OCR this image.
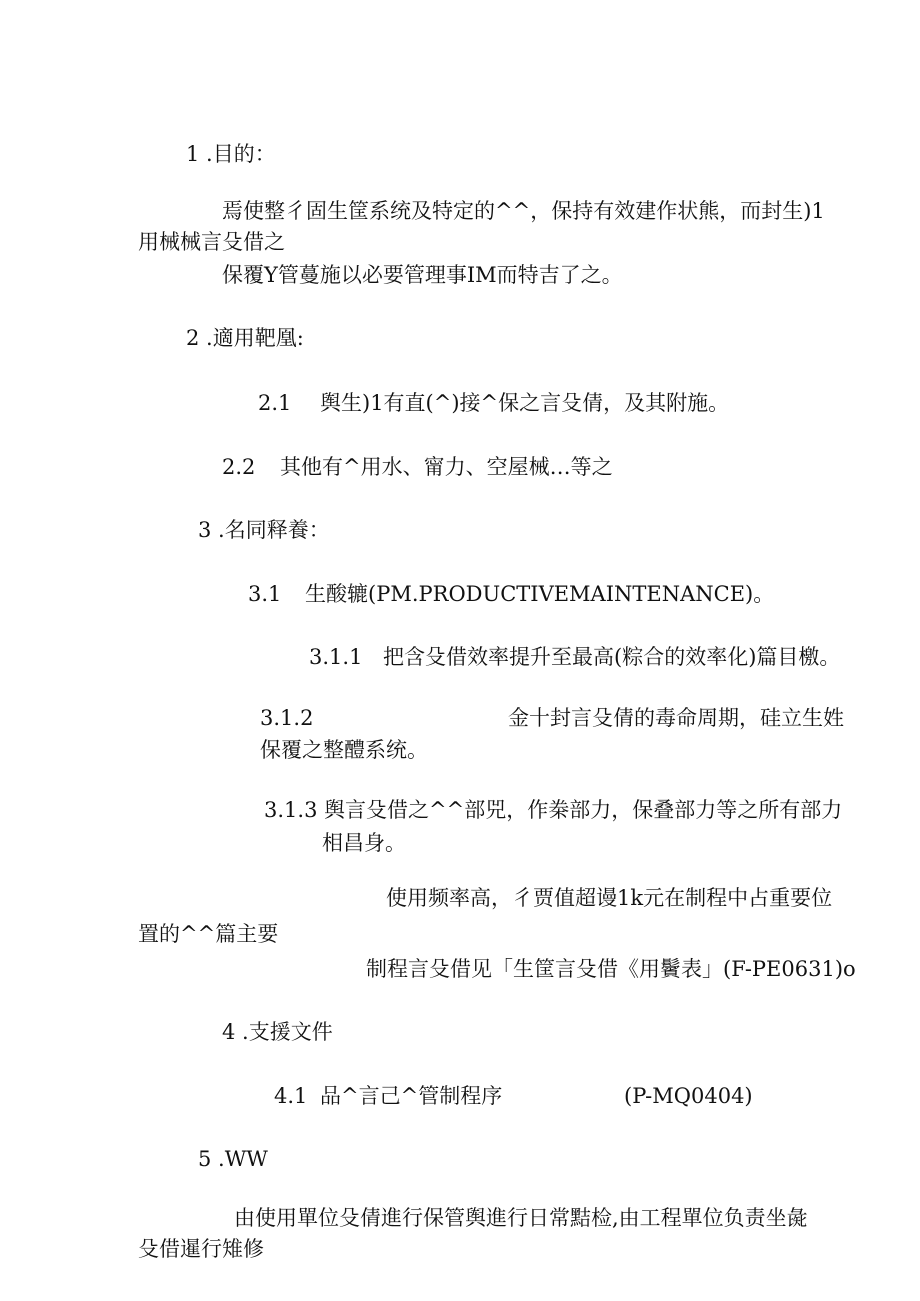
1 .目的：
焉使整彳固生筐系统及特定的^^，保持有效建作状熊，而封生)1
用械械言殳借之
保覆Y管蔓施以必要管理事IM而特吉了之。
2 .適用靶凰:
2.1 舆生)1有直(^)接^保之言殳倩，及其附施。
2.2 其他有^用水、甯力、空屋械…等之
3 .名同释養：
3.1 生酸辘(PM.PRODUCTIVEMAINTENANCE)。
3.1.1 把含殳借效率提升至最高(粽合的效率化)篇目檄。
3.1.2	金十封言殳倩的毒命周期，硅立生姓
保覆之整醴系统。
3.1.3 舆言殳借之^^部兕，作桊部力，保叠部力等之所有部力
相昌身。
使用频率高，彳贾值超谩1k元在制程中占重要位
置的^^篇主要
制程言殳借见「生筐言殳借《用鬢表」(F-PE0631)o
4 .支援文件
4.1 品^言己^管制程序	(P-MQ0404)
5 .WW
由使用單位殳倩進行保管舆進行日常黠检,由工程單位负责坐彘
殳借暹行雉修
